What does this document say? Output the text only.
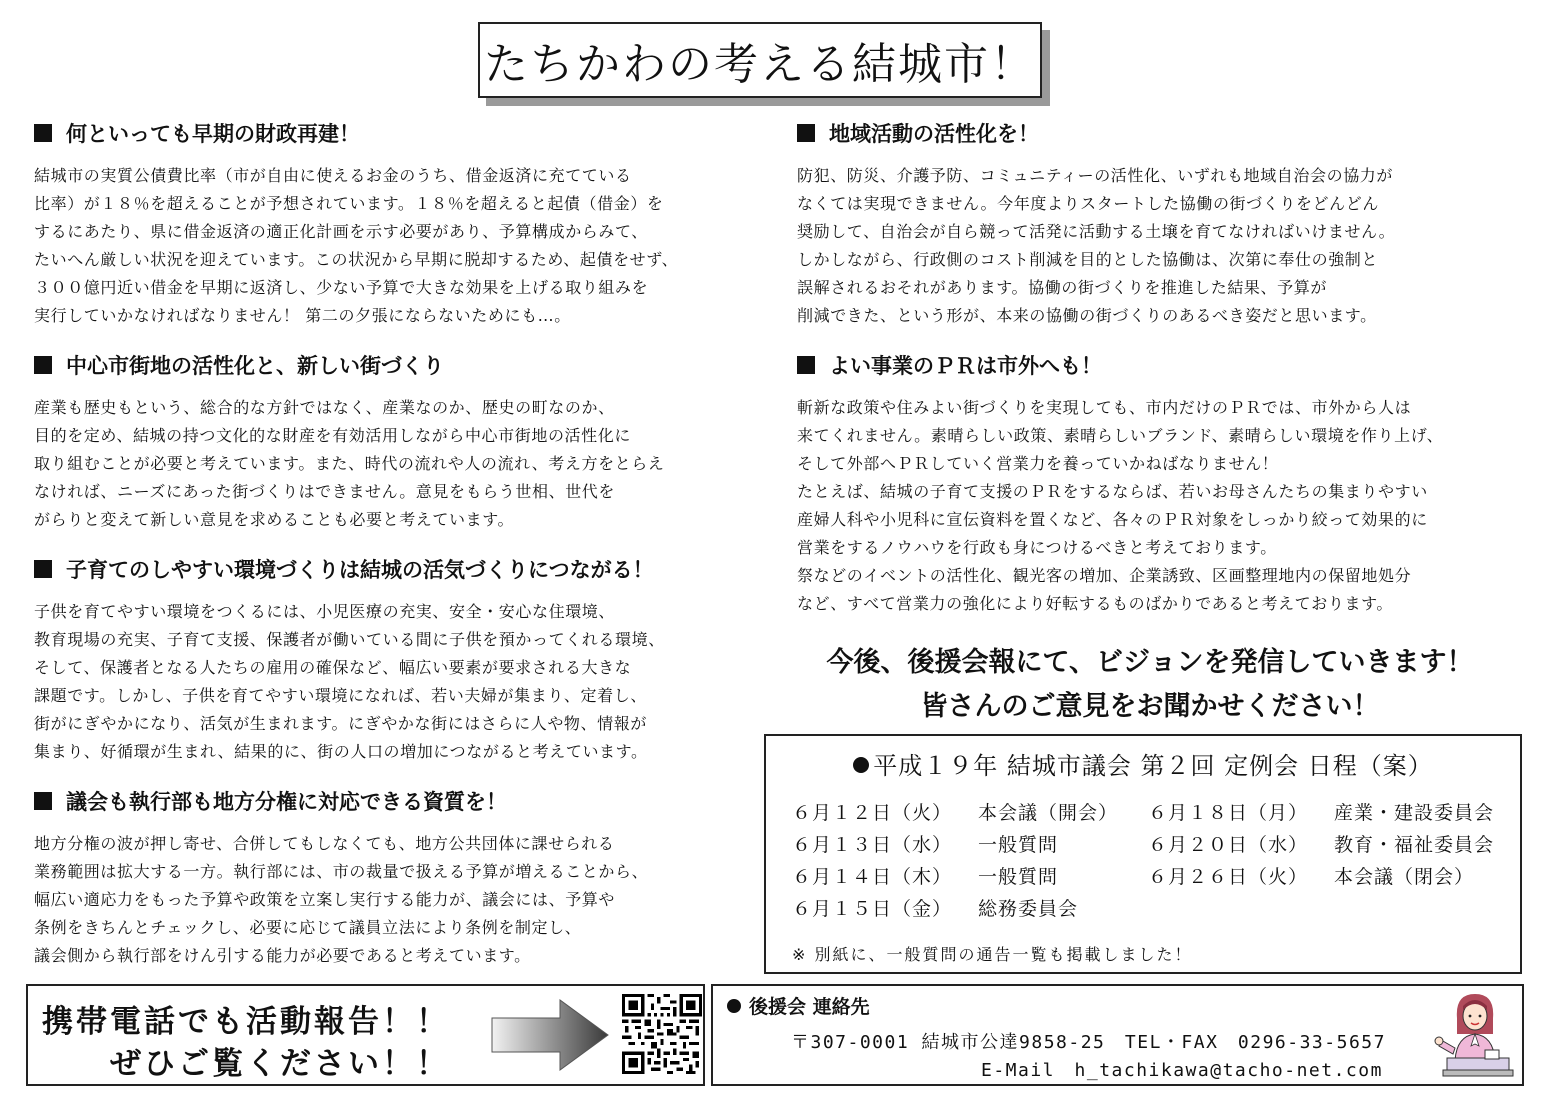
たちかわの考える結城市！
何といっても早期の財政再建！

結城市の実質公債費比率（市が自由に使えるお金のうち、借金返済に充てている

比率）が１８％を超えることが予想されています。１８％を超えると起債（借金）を

するにあたり、県に借金返済の適正化計画を示す必要があり、予算構成からみて、

たいへん厳しい状況を迎えています。この状況から早期に脱却するため、起債をせず、

３００億円近い借金を早期に返済し、少ない予算で大きな効果を上げる取り組みを

実行していかなければなりません！ 第二の夕張にならないためにも…。

中心市街地の活性化と、新しい街づくり

産業も歴史もという、総合的な方針ではなく、産業なのか、歴史の町なのか、

目的を定め、結城の持つ文化的な財産を有効活用しながら中心市街地の活性化に

取り組むことが必要と考えています。また、時代の流れや人の流れ、考え方をとらえ

なければ、ニーズにあった街づくりはできません。意見をもらう世相、世代を

がらりと変えて新しい意見を求めることも必要と考えています。

子育てのしやすい環境づくりは結城の活気づくりにつながる！

子供を育てやすい環境をつくるには、小児医療の充実、安全・安心な住環境、

教育現場の充実、子育て支援、保護者が働いている間に子供を預かってくれる環境、

そして、保護者となる人たちの雇用の確保など、幅広い要素が要求される大きな

課題です。しかし、子供を育てやすい環境になれば、若い夫婦が集まり、定着し、

街がにぎやかになり、活気が生まれます。にぎやかな街にはさらに人や物、情報が

集まり、好循環が生まれ、結果的に、街の人口の増加につながると考えています。

議会も執行部も地方分権に対応できる資質を！

地方分権の波が押し寄せ、合併してもしなくても、地方公共団体に課せられる

業務範囲は拡大する一方。執行部には、市の裁量で扱える予算が増えることから、

幅広い適応力をもった予算や政策を立案し実行する能力が、議会には、予算や

条例をきちんとチェックし、必要に応じて議員立法により条例を制定し、

議会側から執行部をけん引する能力が必要であると考えています。

地域活動の活性化を！

防犯、防災、介護予防、コミュニティーの活性化、いずれも地域自治会の協力が

なくては実現できません。今年度よりスタートした協働の街づくりをどんどん

奨励して、自治会が自ら競って活発に活動する土壌を育てなければいけません。

しかしながら、行政側のコスト削減を目的とした協働は、次第に奉仕の強制と

誤解されるおそれがあります。協働の街づくりを推進した結果、予算が

削減できた、という形が、本来の協働の街づくりのあるべき姿だと思います。

よい事業のＰＲは市外へも！

斬新な政策や住みよい街づくりを実現しても、市内だけのＰＲでは、市外から人は

来てくれません。素晴らしい政策、素晴らしいブランド、素晴らしい環境を作り上げ、

そして外部へＰＲしていく営業力を養っていかねばなりません！

たとえば、結城の子育て支援のＰＲをするならば、若いお母さんたちの集まりやすい

産婦人科や小児科に宣伝資料を置くなど、各々のＰＲ対象をしっかり絞って効果的に

営業をするノウハウを行政も身につけるべきと考えております。

祭などのイベントの活性化、観光客の増加、企業誘致、区画整理地内の保留地処分

など、すべて営業力の強化により好転するものばかりであると考えております。

今後、後援会報にて、ビジョンを発信していきます！
皆さんのご意見をお聞かせください！
平成１９年 結城市議会 第２回 定例会 日程（案）
６月１２日（火） 本会議（開会）
６月１３日（水） 一般質問
６月１４日（木） 一般質問
６月１５日（金） 総務委員会
６月１８日（月） 産業・建設委員会
６月２０日（水） 教育・福祉委員会
６月２６日（火） 本会議（閉会）
※ 別紙に、一般質問の通告一覧も掲載しました！
携帯電話でも活動報告！！
ぜひご覧ください！！
後援会 連絡先
〒307-0001 結城市公達9858-25　TEL・FAX　0296-33-5657
E-Mail　h_tachikawa@tacho-net.com
